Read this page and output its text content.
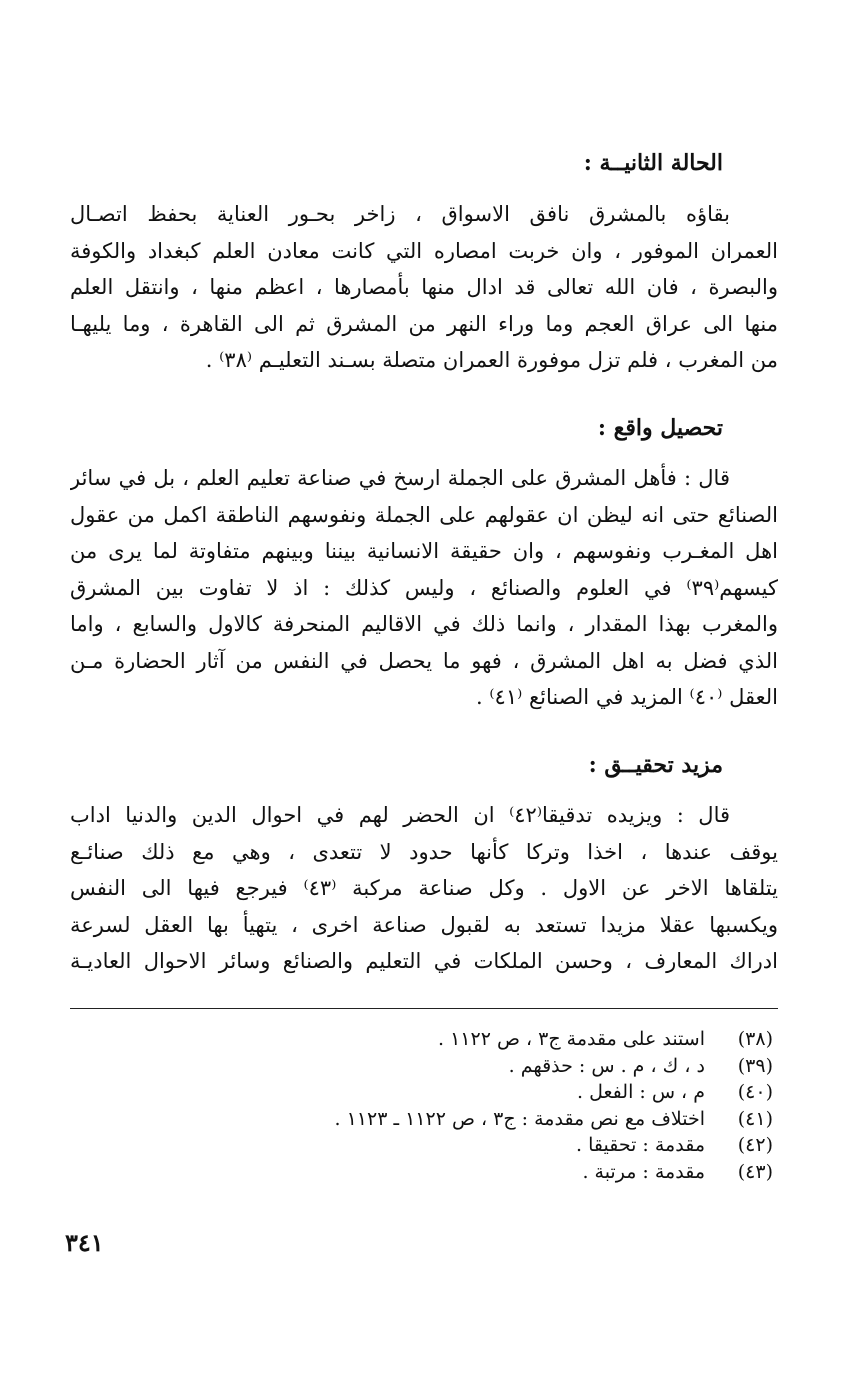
الحالة الثانيــة :
بقاؤه بالمشرق نافق الاسواق ، زاخر بحـور العناية بحفظ اتصـال
العمران الموفور ، وان خربت امصاره التي كانت معادن العلم كبغداد والكوفة
والبصرة ، فان الله تعالى قد ادال منها بأمصارها ، اعظم منها ، وانتقل العلم
منها الى عراق العجم وما وراء النهر من المشرق ثم الى القاهرة ، وما يليهـا
من المغرب ، فلم تزل موفورة العمران متصلة بسـند التعليـم ⁽٣٨⁾ .
تحصيل واقع :
قال : فأهل المشرق على الجملة ارسخ في صناعة تعليم العلم ، بل في سائر
الصنائع حتى انه ليظن ان عقولهم على الجملة ونفوسهم الناطقة اكمل من عقول
اهل المغـرب ونفوسهم ، وان حقيقة الانسانية بيننا وبينهم متفاوتة لما يرى من
كيسهم⁽٣٩⁾ في العلوم والصنائع ، وليس كذلك : اذ لا تفاوت بين المشرق
والمغرب بهذا المقدار ، وانما ذلك في الاقاليم المنحرفة كالاول والسابع ، واما
الذي فضل به اهل المشرق ، فهو ما يحصل في النفس من آثار الحضارة مـن
العقل ⁽٤٠⁾ المزيد في الصنائع ⁽٤١⁾ .
مزيد تحقيــق :
قال : ويزيده تدقيقا⁽٤٢⁾ ان الحضر لهم في احوال الدين والدنيا اداب
يوقف عندها ، اخذا وتركا كأنها حدود لا تتعدى ، وهي مع ذلك صنائـع
يتلقاها الاخر عن الاول . وكل صناعة مركبة ⁽٤٣⁾ فيرجع فيها الى النفس
ويكسبها عقلا مزيدا تستعد به لقبول صناعة اخرى ، يتهيأ بها العقل لسرعة
ادراك المعارف ، وحسن الملكات في التعليم والصنائع وسائر الاحوال العاديـة
(٣٨)
استند على مقدمة ج٣ ، ص ١١٢٢ .
(٣٩)
د ، ك ، م . س : حذقهم .
(٤٠)
م ، س : الفعل .
(٤١)
اختلاف مع نص مقدمة : ج٣ ، ص ١١٢٢ ـ ١١٢٣ .
(٤٢)
مقدمة : تحقيقا .
(٤٣)
مقدمة : مرتبة .
٣٤١
